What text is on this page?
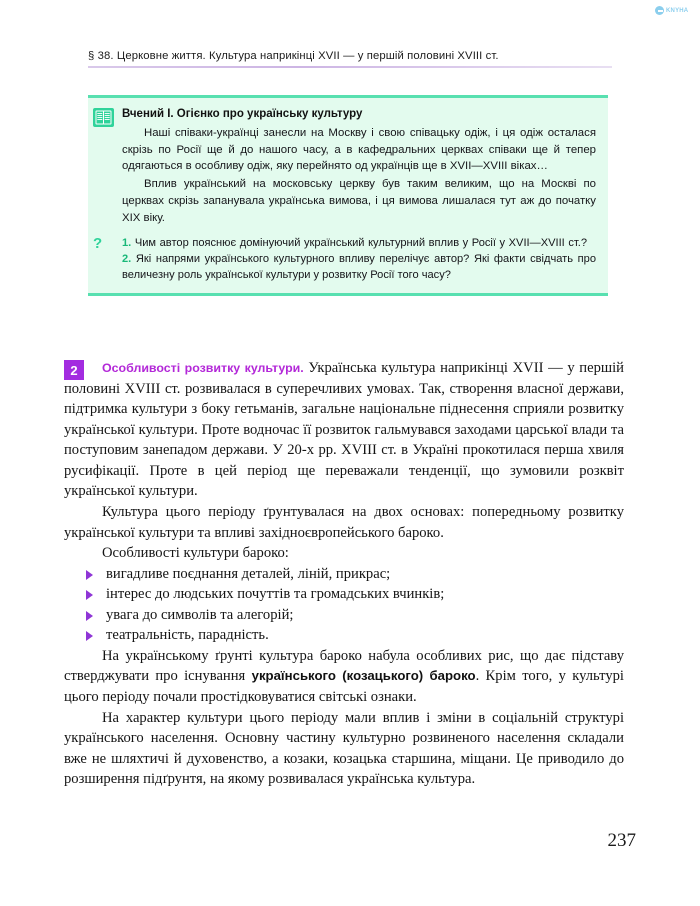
KNYHA
§ 38. Церковне життя. Культура наприкінці XVII — у першій половині XVIII ст.
Вчений І. Огієнко про українську культуру

Наші співаки-українці занесли на Москву і свою співацьку одіж, і ця одіж осталася скрізь по Росії ще й до нашого часу, а в кафедральних церквах співаки ще й тепер одягаються в особливу одіж, яку перейнято од українців ще в XVII—XVIII віках…

Вплив український на московську церкву був таким великим, що на Москві по церквах скрізь запанувала українська вимова, і ця вимова лишалася тут аж до початку XIX віку.

? 1. Чим автор пояснює домінуючий український культурний вплив у Росії у XVII—XVIII ст.?2. Які напрями українського культурного впливу перелічує автор? Які факти свідчать про величезну роль української культури у розвитку Росії того часу?
2	Особливості розвитку культури. Українська культура наприкінці XVII — у першій половині XVIII ст. розвивалася в суперечливих умовах. Так, створення власної держави, підтримка культури з боку гетьманів, загальне національне піднесення сприяли розвитку української культури. Проте водночас її розвиток гальмувався заходами царської влади та поступовим занепадом держави. У 20-х рр. XVIII ст. в Україні прокотилася перша хвиля русифікації. Проте в цей період ще переважали тенденції, що зумовили розквіт української культури.

Культура цього періоду ґрунтувалася на двох основах: попередньому розвитку української культури та впливі західноєвропейського бароко.

Особливості культури бароко:

вигадливе поєднання деталей, ліній, прикрас;
інтерес до людських почуттів та громадських вчинків;
увага до символів та алегорій;
театральність, парадність.

На українському ґрунті культура бароко набула особливих рис, що дає підставу стверджувати про існування українського (козацького) бароко. Крім того, у культурі цього періоду почали простідковуватися світські ознаки.

На характер культури цього періоду мали вплив і зміни в соціальній структурі українського населення. Основну частину культурно розвиненого населення складали вже не шляхтичі й духовенство, а козаки, козацька старшина, міщани. Це приводило до розширення підґрунтя, на якому розвивалася українська культура.

237
